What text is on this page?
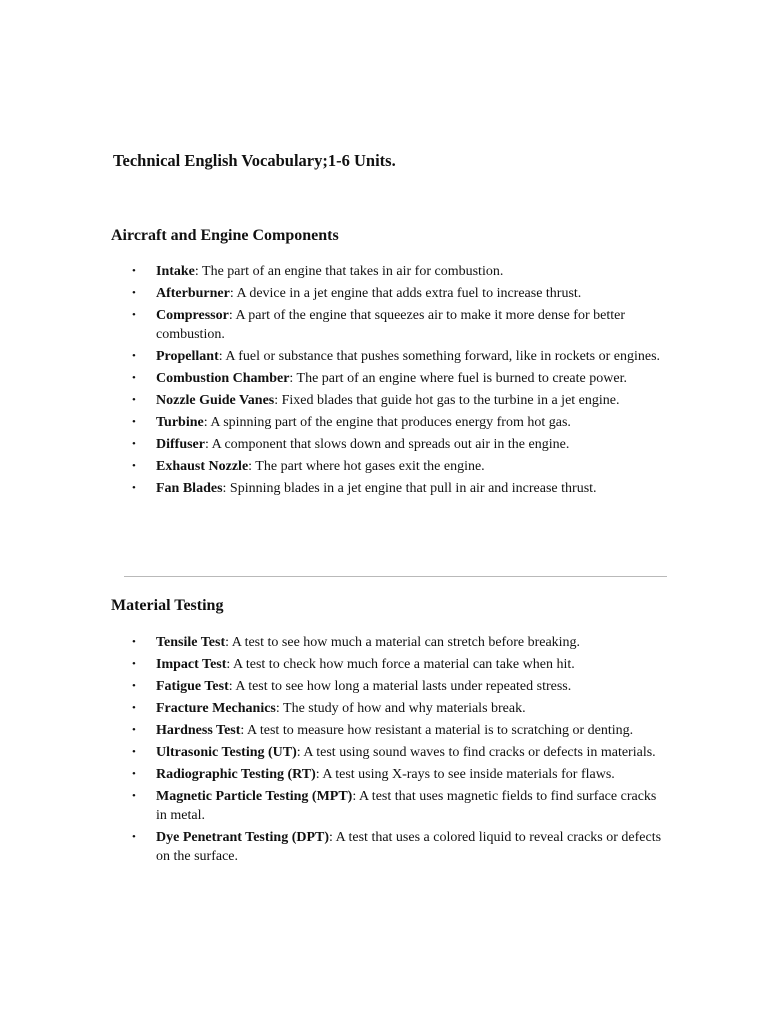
Technical English Vocabulary;1-6 Units.
Aircraft and Engine Components
• Intake: The part of an engine that takes in air for combustion.
• Afterburner: A device in a jet engine that adds extra fuel to increase thrust.
• Compressor: A part of the engine that squeezes air to make it more dense for better combustion.
• Propellant: A fuel or substance that pushes something forward, like in rockets or engines.
• Combustion Chamber: The part of an engine where fuel is burned to create power.
• Nozzle Guide Vanes: Fixed blades that guide hot gas to the turbine in a jet engine.
• Turbine: A spinning part of the engine that produces energy from hot gas.
• Diffuser: A component that slows down and spreads out air in the engine.
• Exhaust Nozzle: The part where hot gases exit the engine.
• Fan Blades: Spinning blades in a jet engine that pull in air and increase thrust.
Material Testing
• Tensile Test: A test to see how much a material can stretch before breaking.
• Impact Test: A test to check how much force a material can take when hit.
• Fatigue Test: A test to see how long a material lasts under repeated stress.
• Fracture Mechanics: The study of how and why materials break.
• Hardness Test: A test to measure how resistant a material is to scratching or denting.
• Ultrasonic Testing (UT): A test using sound waves to find cracks or defects in materials.
• Radiographic Testing (RT): A test using X-rays to see inside materials for flaws.
• Magnetic Particle Testing (MPT): A test that uses magnetic fields to find surface cracks in metal.
• Dye Penetrant Testing (DPT): A test that uses a colored liquid to reveal cracks or defects on the surface.
